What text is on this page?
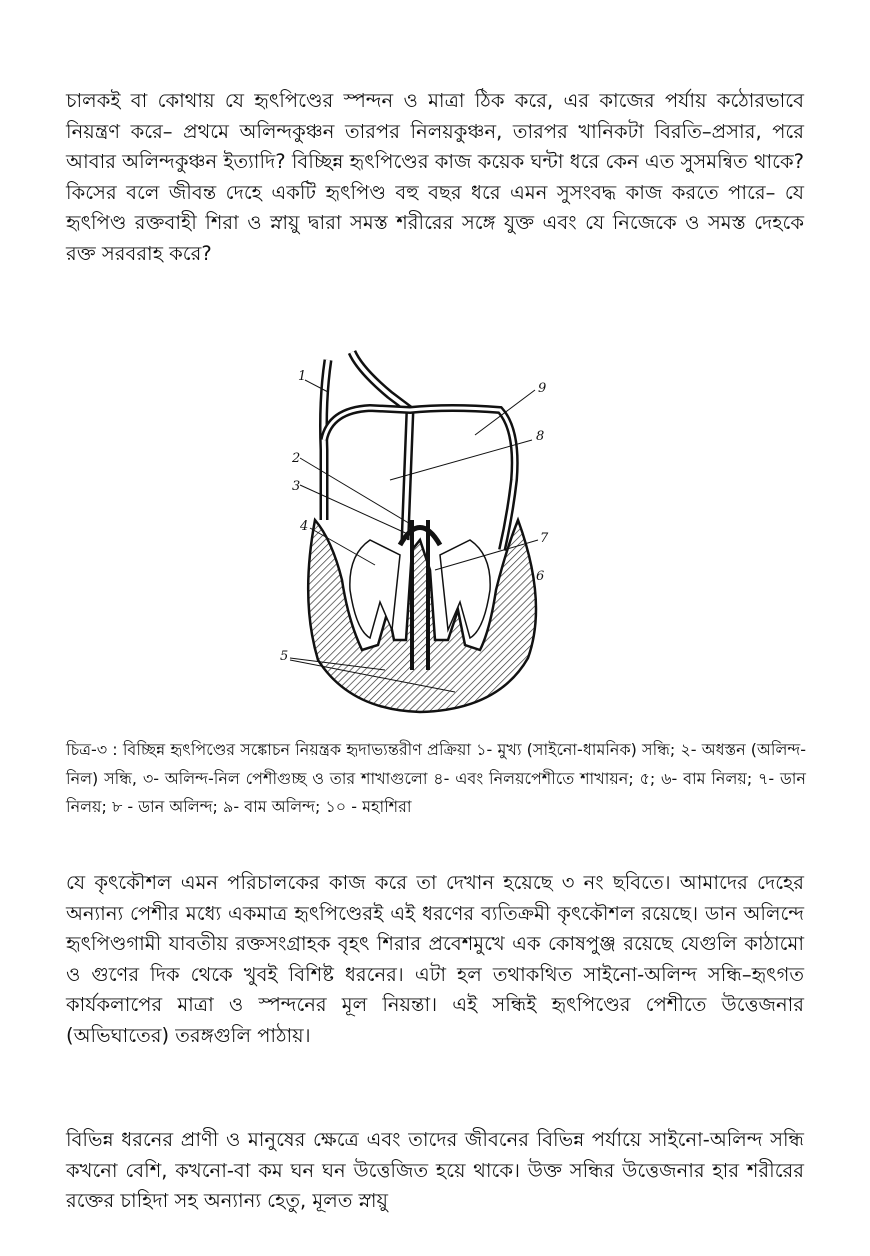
চালকই বা কোথায় যে হৃৎপিণ্ডের স্পন্দন ও মাত্রা ঠিক করে, এর কাজের পর্যায় কঠোরভাবে নিয়ন্ত্রণ করে– প্রথমে অলিন্দকুঞ্চন তারপর নিলয়কুঞ্চন, তারপর খানিকটা বিরতি–প্রসার, পরে আবার অলিন্দকুঞ্চন ইত্যাদি? বিচ্ছিন্ন হৃৎপিণ্ডের কাজ কয়েক ঘন্টা ধরে কেন এত সুসমন্বিত থাকে? কিসের বলে জীবন্ত দেহে একটি হৃৎপিণ্ড বহু বছর ধরে এমন সুসংবদ্ধ কাজ করতে পারে– যে হৃৎপিণ্ড রক্তবাহী শিরা ও স্নায়ু দ্বারা সমস্ত শরীরের সঙ্গে যুক্ত এবং যে নিজেকে ও সমস্ত দেহকে রক্ত সরবরাহ করে?

1
9
8
2
3
4
7
6
5

চিত্র-৩ : বিচ্ছিন্ন হৃৎপিণ্ডের সঙ্কোচন নিয়ন্ত্রক হৃদাভ্যন্তরীণ প্রক্রিয়া ১- মুখ্য (সাইনো-ধামনিক) সন্ধি; ২- অধস্তন (অলিন্দ-নিল) সন্ধি, ৩- অলিন্দ-নিল পেশীগুচ্ছ ও তার শাখাগুলো ৪- এবং নিলয়পেশীতে শাখায়ন; ৫; ৬- বাম নিলয়; ৭- ডান নিলয়; ৮ - ডান অলিন্দ; ৯- বাম অলিন্দ; ১০ - মহাশিরা

যে কৃৎকৌশল এমন পরিচালকের কাজ করে তা দেখান হয়েছে ৩ নং ছবিতে। আমাদের দেহের অন্যান্য পেশীর মধ্যে একমাত্র হৃৎপিণ্ডেরই এই ধরণের ব্যতিক্রমী কৃৎকৌশল রয়েছে। ডান অলিন্দে হৃৎপিণ্ডগামী যাবতীয় রক্তসংগ্রাহক বৃহৎ শিরার প্রবেশমুখে এক কোষপুঞ্জ রয়েছে যেগুলি কাঠামো ও গুণের দিক থেকে খুবই বিশিষ্ট ধরনের। এটা হল তথাকথিত সাইনো-অলিন্দ সন্ধি–হৃৎগত কার্যকলাপের মাত্রা ও স্পন্দনের মূল নিয়ন্তা। এই সন্ধিই হৃৎপিণ্ডের পেশীতে উত্তেজনার (অভিঘাতের) তরঙ্গগুলি পাঠায়।

বিভিন্ন ধরনের প্রাণী ও মানুষের ক্ষেত্রে এবং তাদের জীবনের বিভিন্ন পর্যায়ে সাইনো-অলিন্দ সন্ধি কখনো বেশি, কখনো-বা কম ঘন ঘন উত্তেজিত হয়ে থাকে। উক্ত সন্ধির উত্তেজনার হার শরীরের রক্তের চাহিদা সহ অন্যান্য হেতু, মূলত স্নায়ু
